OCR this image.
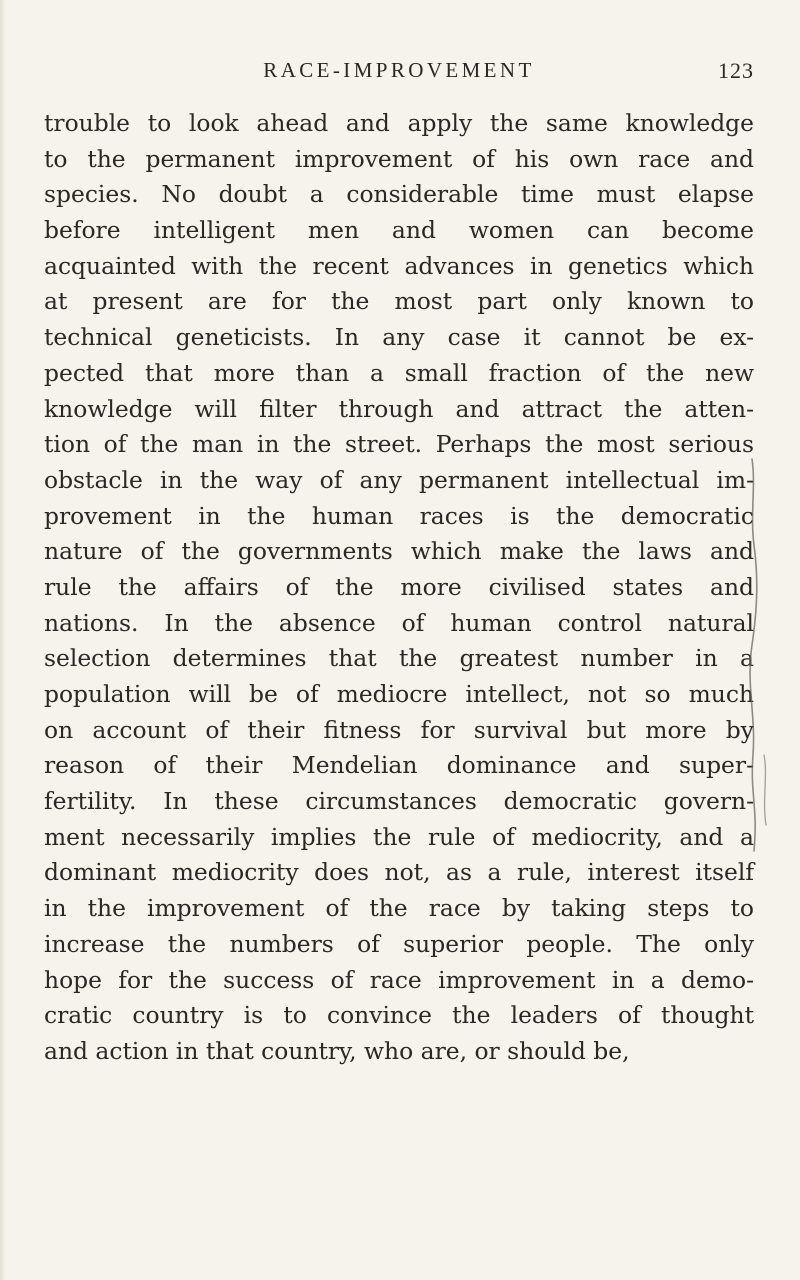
RACE-IMPROVEMENT	123
trouble to look ahead and apply the same knowledge
to the permanent improvement of his own race and
species. No doubt a considerable time must elapse
before intelligent men and women can become
acquainted with the recent advances in genetics which
at present are for the most part only known to
technical geneticists. In any case it cannot be ex-
pected that more than a small fraction of the new
knowledge will filter through and attract the atten-
tion of the man in the street. Perhaps the most serious
obstacle in the way of any permanent intellectual im-
provement in the human races is the democratic
nature of the governments which make the laws and
rule the affairs of the more civilised states and
nations. In the absence of human control natural
selection determines that the greatest number in a
population will be of mediocre intellect, not so much
on account of their fitness for survival but more by
reason of their Mendelian dominance and super-
fertility. In these circumstances democratic govern-
ment necessarily implies the rule of mediocrity, and a
dominant mediocrity does not, as a rule, interest itself
in the improvement of the race by taking steps to
increase the numbers of superior people. The only
hope for the success of race improvement in a demo-
cratic country is to convince the leaders of thought
and action in that country, who are, or should be,
